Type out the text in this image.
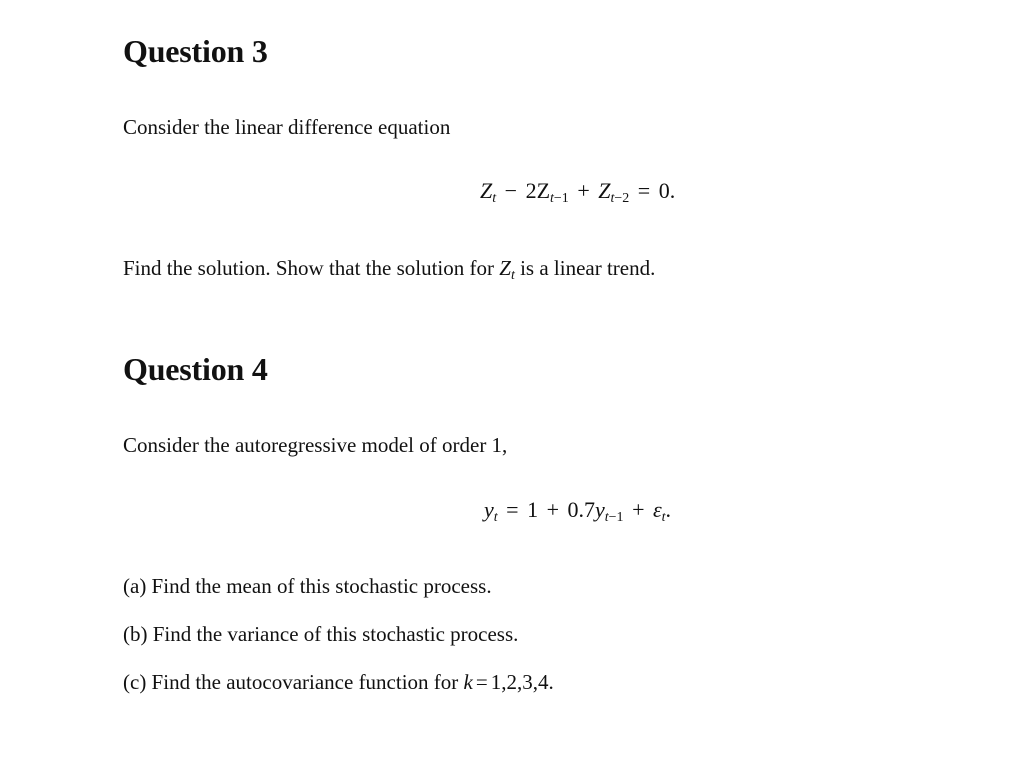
Question 3

Consider the linear difference equation

$Z_t - 2Z_{t-1} + Z_{t-2} = 0$.

Find the solution. Show that the solution for $Z_t$ is a linear trend.

Question 4

Consider the autoregressive model of order 1,

$y_t = 1 + 0.7y_{t-1} + \varepsilon_t$.

(a) Find the mean of this stochastic process.

(b) Find the variance of this stochastic process.

(c) Find the autocovariance function for k = 1,2,3,4.
